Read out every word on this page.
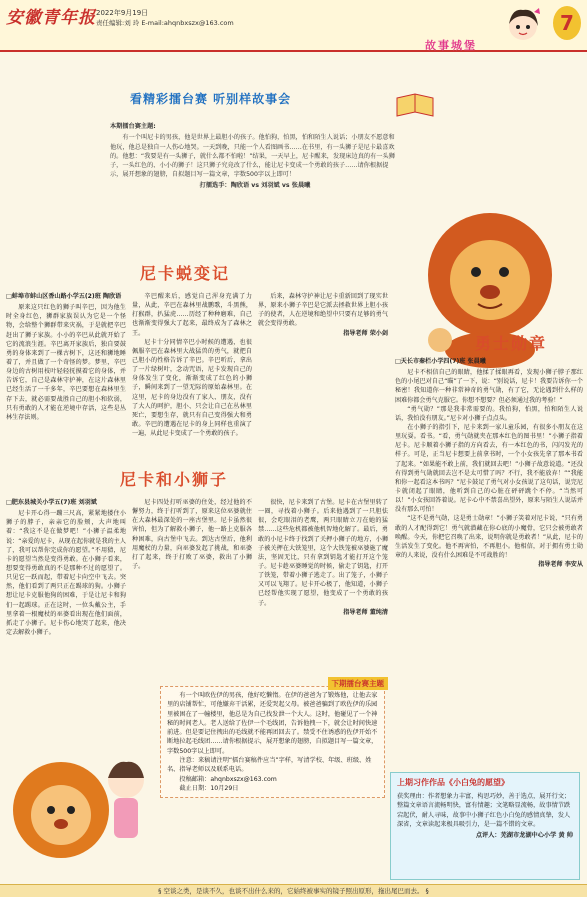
安徽青年报 2022年9月19日
责任编辑:刘 玲 E-mail:ahqnbxszx@163.com
故事城堡
7
看精彩擂台赛 听别样故事会
本期擂台赛主题:
有一个叫尼卡的男孩，他是世界上最胆小的孩子。他怕狗，怕黑，怕和陌生人说话；小朋友不愿意和他玩，他总是独自一人伤心地哭。一天到晚，只能一个人看图画书……在书里，有一头狮子是尼卡最喜欢的。他想：“我要是有一头狮子，就什么都不怕啦！”结果，一天早上，尼卡醒来，发现床边真的有一头狮子，一头红色的、小小的狮子！这只狮子究竟改了什么，能让尼卡变成一个勇敢的孩子……请你根据提示，展开想象的翅膀，自拟题目写一篇文章，字数500字以上即可！
打擂选手：陶欣语 vs 刘羽斌 vs 张晨曦
尼卡蜕变记
□蚌埠市蚌山区香山路小学五(2)班 陶欣语

原来这只红色的狮子叫辛巴，因为他生时全身红色，狮群家族误认为它是一个怪物，会给整个狮群带来灾祸，于是就把辛巴赶出了狮子家族。小小的辛巴从此就开始了它的流浪生涯。辛巴离开家族后，独自要鼓勇的身体来到了一棵古树下，这还和狮地睡着了，并且做了一个奇怪的梦。梦里，辛巴身边的古树用枝叶轻轻抚摸着它的身体，并告诉它，自己是森林守护神，在这片森林里已经生活了一千多年，辛巴要想在森林里生存下去，就必需要战胜自己的胆小和软弱，只有勇敢的人才能在逆境中存活，这些是丛林生存法则。

辛巴醒来后，感觉自己浑身充满了力量，从此，辛巴在森林里战鹏歌，斗黑熊，打猴群，扒猛虎……历经了种种磨难，自己也渐渐变得强大了起来，最终成为了森林之王。

尼卡十分同情辛巴小时候的遭遇，也很佩服辛巴在森林里大战猛兽的勇气，就把自己胆小的性格告诉了辛巴。辛巴听后，拿出了一片绿树叶，念动咒语，尼卡发现自己的身体发生了变化，渐渐变成了红色的小狮子，瞬间来到了一望无际的原始森林里。在这里，尼卡的身边没有了家人、朋友，没有了大人的呵护，胆小、只会让自己在丛林里死亡，要想生存，就只有自己变得强大和勇敢。辛巴的遭遇在尼卡的身上同样也重演了一遍，从此尼卡变成了一个勇敢的孩子。

后来，森林守护神让尼卡重新回到了现实世界，原来小狮子辛巴是它派去拯救世界上胆小孩子的使者，人在逆境和绝望中只要有足够的勇气就会变得勇敢。

指导老师 荣小剑
勇士勋章
□天长市秦栏小学四(7)班 张晨曦

尼卡不相信自己的眼睛，他揉了揉眼再看，发现小狮子脖子那红色的小尾巴对自己“瞄”了一下，说：“别说话，尼卡！我要告诉你一个秘密！我知道你一种非常神奇的勇气勋，有了它，无论遇到什么样的困难你都会勇气克服它。你想不想要？但必须通过我的考验！”

“勇气勋？”那是我非常需要的。我怕狗，怕黑，怕和陌生人说话，我怕没有朋友。”尼卡对小狮子点点头。

在小狮子的指引下，尼卡来到一家儿童乐园，有很多小朋友在这里玩耍。看书。“看，勇气勋就夹在那本红色的图书里！”小狮子指着尼卡。尼卡顺着小狮子指的方向看去，有一本红色的书，闪闪发光的样子。可是，正当尼卡想要上前拿书时，一个小女孩先拿了那本书看了起来。“如果能不敢上前，我们就回去吧！”小狮子故意说道。“还没有得到勇气勋就回去岂不是太可惜了吗？不行，我不能放弃！”“我能和你一起看这本书吗？”尼卡鼓足了勇气对小女孩说了这句话，说完尼卡就闭起了眼睛，他听到自己的心脏在砰砰跳个不停。“当然可以！”小女孩回答着说。尼卡心中不禁喜出望外，原来与陌生人说话并没有那么可怕！

“这不是勇气勋，这是勇士勋章！”小狮子笑着对尼卡说，“只有勇敢的人才配得到它！勇气就潜藏在你心底的小魔骨，它只会被勇敢者唤醒。今天，你把它召唤了出来，说明你就是勇敢者！”从此，尼卡的生活发生了变化。他不再害怕，不再胆小。他相信，对于拥有勇士勋章的人来说，没有什么困难是不可战胜的！

指导老师 李安从
尼卡和小狮子
□肥东县城关小学五(7)班 刘羽斌

尼卡开心得一蹦三尺高，紧紧地搂住小狮子的脖子，亲亲它的脸颊，大声地叫着：“我这不是在做梦吧！”小狮子温柔地说：“亲爱的尼卡，从现在起你就是我的主人了，我可以帮你完成你的愿望。”不用猜，尼卡的愿望当然是变得勇敢。在小狮子看来，想要变得勇敢真的不是那种不过的愿望了。只见它一跃而起，带着尼卡向空中飞去。突然，他们看到了两只正在踢球的狗。小狮子想让尼卡克服他狗的困难，于是让尼卡和狗们一起踢球。正在这时，一位头戴公主，手里拿着一根魔杖的巫婆看出现在他们面前，抓走了小狮子。尼卡伤心地哭了起来，他决定去解救小狮子。

尼卡四处打听巫婆的住处，经过他的不懈努力，终于打听到了，原来这位巫婆就住在大森林最深处的一座古堡里。尼卡虽然很害怕，但为了解救小狮子，他一路上克服各种困难，向古堡中飞去。到达古堡后，他利用魔杖的力量，向巫婆发起了挑战，和巫婆打了起来，终于打败了巫婆，救出了小狮子。

很快，尼卡来到了古堡。尼卡在古堡里转了一圈，寻找着小狮子。后来他遇到了一只胆怯很，会吃眼泪的老鹰，两只眼睛立刀在她的猛禁……这些危机都被他机智地化解了。最后，勇敢的小尼卡终于找到了关押小狮子的地方，小狮子被关押在大铁笼里，这个大铁笼被巫婆施了魔法，坚固无比，只有拿到钥匙才能打开这个笼子。尼卡趁巫婆睡觉的时候，偷走了钥匙，打开了铁笼，带着小狮子逃走了。出了笼子，小狮子又可以飞翔了。尼卡开心极了，他知道，小狮子已经帮他实现了愿望，他变成了一个勇敢的孩子。

指导老师 董纯清
下期擂台赛主题

有一个叫欧佐伊的男孩，他好吃懒惰。在伊的爸爸为了锻炼他，让他去家里的店铺帮忙，可他嫌弃干活累，还爱哭起父母。被爸爸骗到了欧佐伊的乐园里被困在了一幢楼里，他总是为自己找发泄一个大人。这时，他碰见了一个神秘的时间老人。老人送给了佐伊一个毛线团，告诉他拽一下，就会让时间快速前进。但是要记住拽出的毛线就不能再团回去了。禁受不住诱惑的佐伊开始不断地拉起毛线团……请你根据提示，展开想象的翅膀，自拟题目写一篇文章，字数500字以上即可。

注意：来稿请注明“擂台赛稿件应当”字样，写清学校、年级、班级、姓名、指导老师以及联系电话。

投稿邮箱：ahqnbxszx@163.com

截止日期：10月29日

上期习作作品《小白兔的愿望》
获奖理由：作者想象力丰富，构思巧妙，善于选点，展开行文；整篇文章语言流畅明快，富有情趣；文笔略显流畅，故事情节跌宕起伏，耐人寻味，故事中小狮子红色小白兔的感情真挚，发人深省，文章读起来极具吸引力，是一篇不错的文章。
点评人：芜湖市龙湖中心小学 黄 帅
§ 空谈之类，是谈不久，也谈不出什么来的，它始终被事实的镜子照出原形，拖出尾巴而去。 §
